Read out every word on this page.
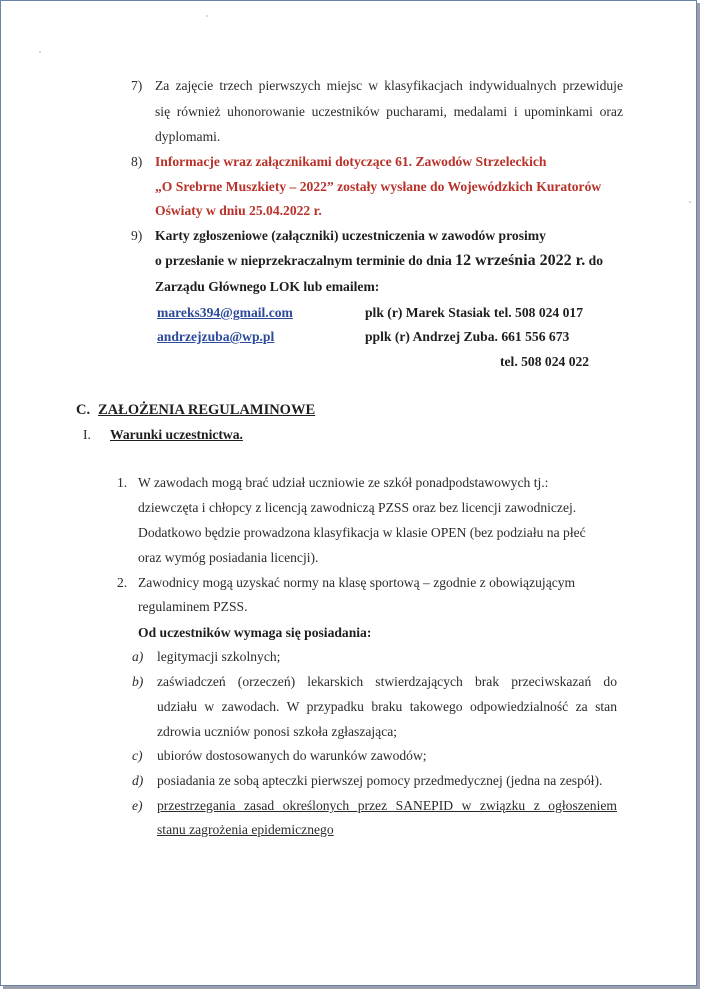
7) Za zajęcie trzech pierwszych miejsc w klasyfikacjach indywidualnych przewiduje
się również uhonorowanie uczestników pucharami, medalami i upominkami oraz
dyplomami.
8) Informacje wraz załącznikami dotyczące 61. Zawodów Strzeleckich
„O Srebrne Muszkiety – 2022” zostały wysłane do Wojewódzkich Kuratorów
Oświaty w dniu 25.04.2022 r.
9) Karty zgłoszeniowe (załączniki) uczestniczenia w zawodów prosimy
o przesłanie w nieprzekraczalnym terminie do dnia 12 września 2022 r. do
Zarządu Głównego LOK lub emailem:
mareks394@gmail.com	plk (r) Marek Stasiak tel. 508 024 017
andrzejzuba@wp.pl	pplk (r) Andrzej Zuba. 661 556 673
tel. 508 024 022
C. ZAŁOŻENIA REGULAMINOWE
I. Warunki uczestnictwa.
1. W zawodach mogą brać udział uczniowie ze szkół ponadpodstawowych tj.:
dziewczęta i chłopcy z licencją zawodniczą PZSS oraz bez licencji zawodniczej.
Dodatkowo będzie prowadzona klasyfikacja w klasie OPEN (bez podziału na płeć
oraz wymóg posiadania licencji).
2. Zawodnicy mogą uzyskać normy na klasę sportową – zgodnie z obowiązującym
regulaminem PZSS.
Od uczestników wymaga się posiadania:
a) legitymacji szkolnych;
b) zaświadczeń (orzeczeń) lekarskich stwierdzających brak przeciwskazań do
udziału w zawodach. W przypadku braku takowego odpowiedzialność za stan
zdrowia uczniów ponosi szkoła zgłaszająca;
c) ubiorów dostosowanych do warunków zawodów;
d) posiadania ze sobą apteczki pierwszej pomocy przedmedycznej (jedna na zespół).
e) przestrzegania zasad określonych przez SANEPID w związku z ogłoszeniem
stanu zagrożenia epidemicznego
